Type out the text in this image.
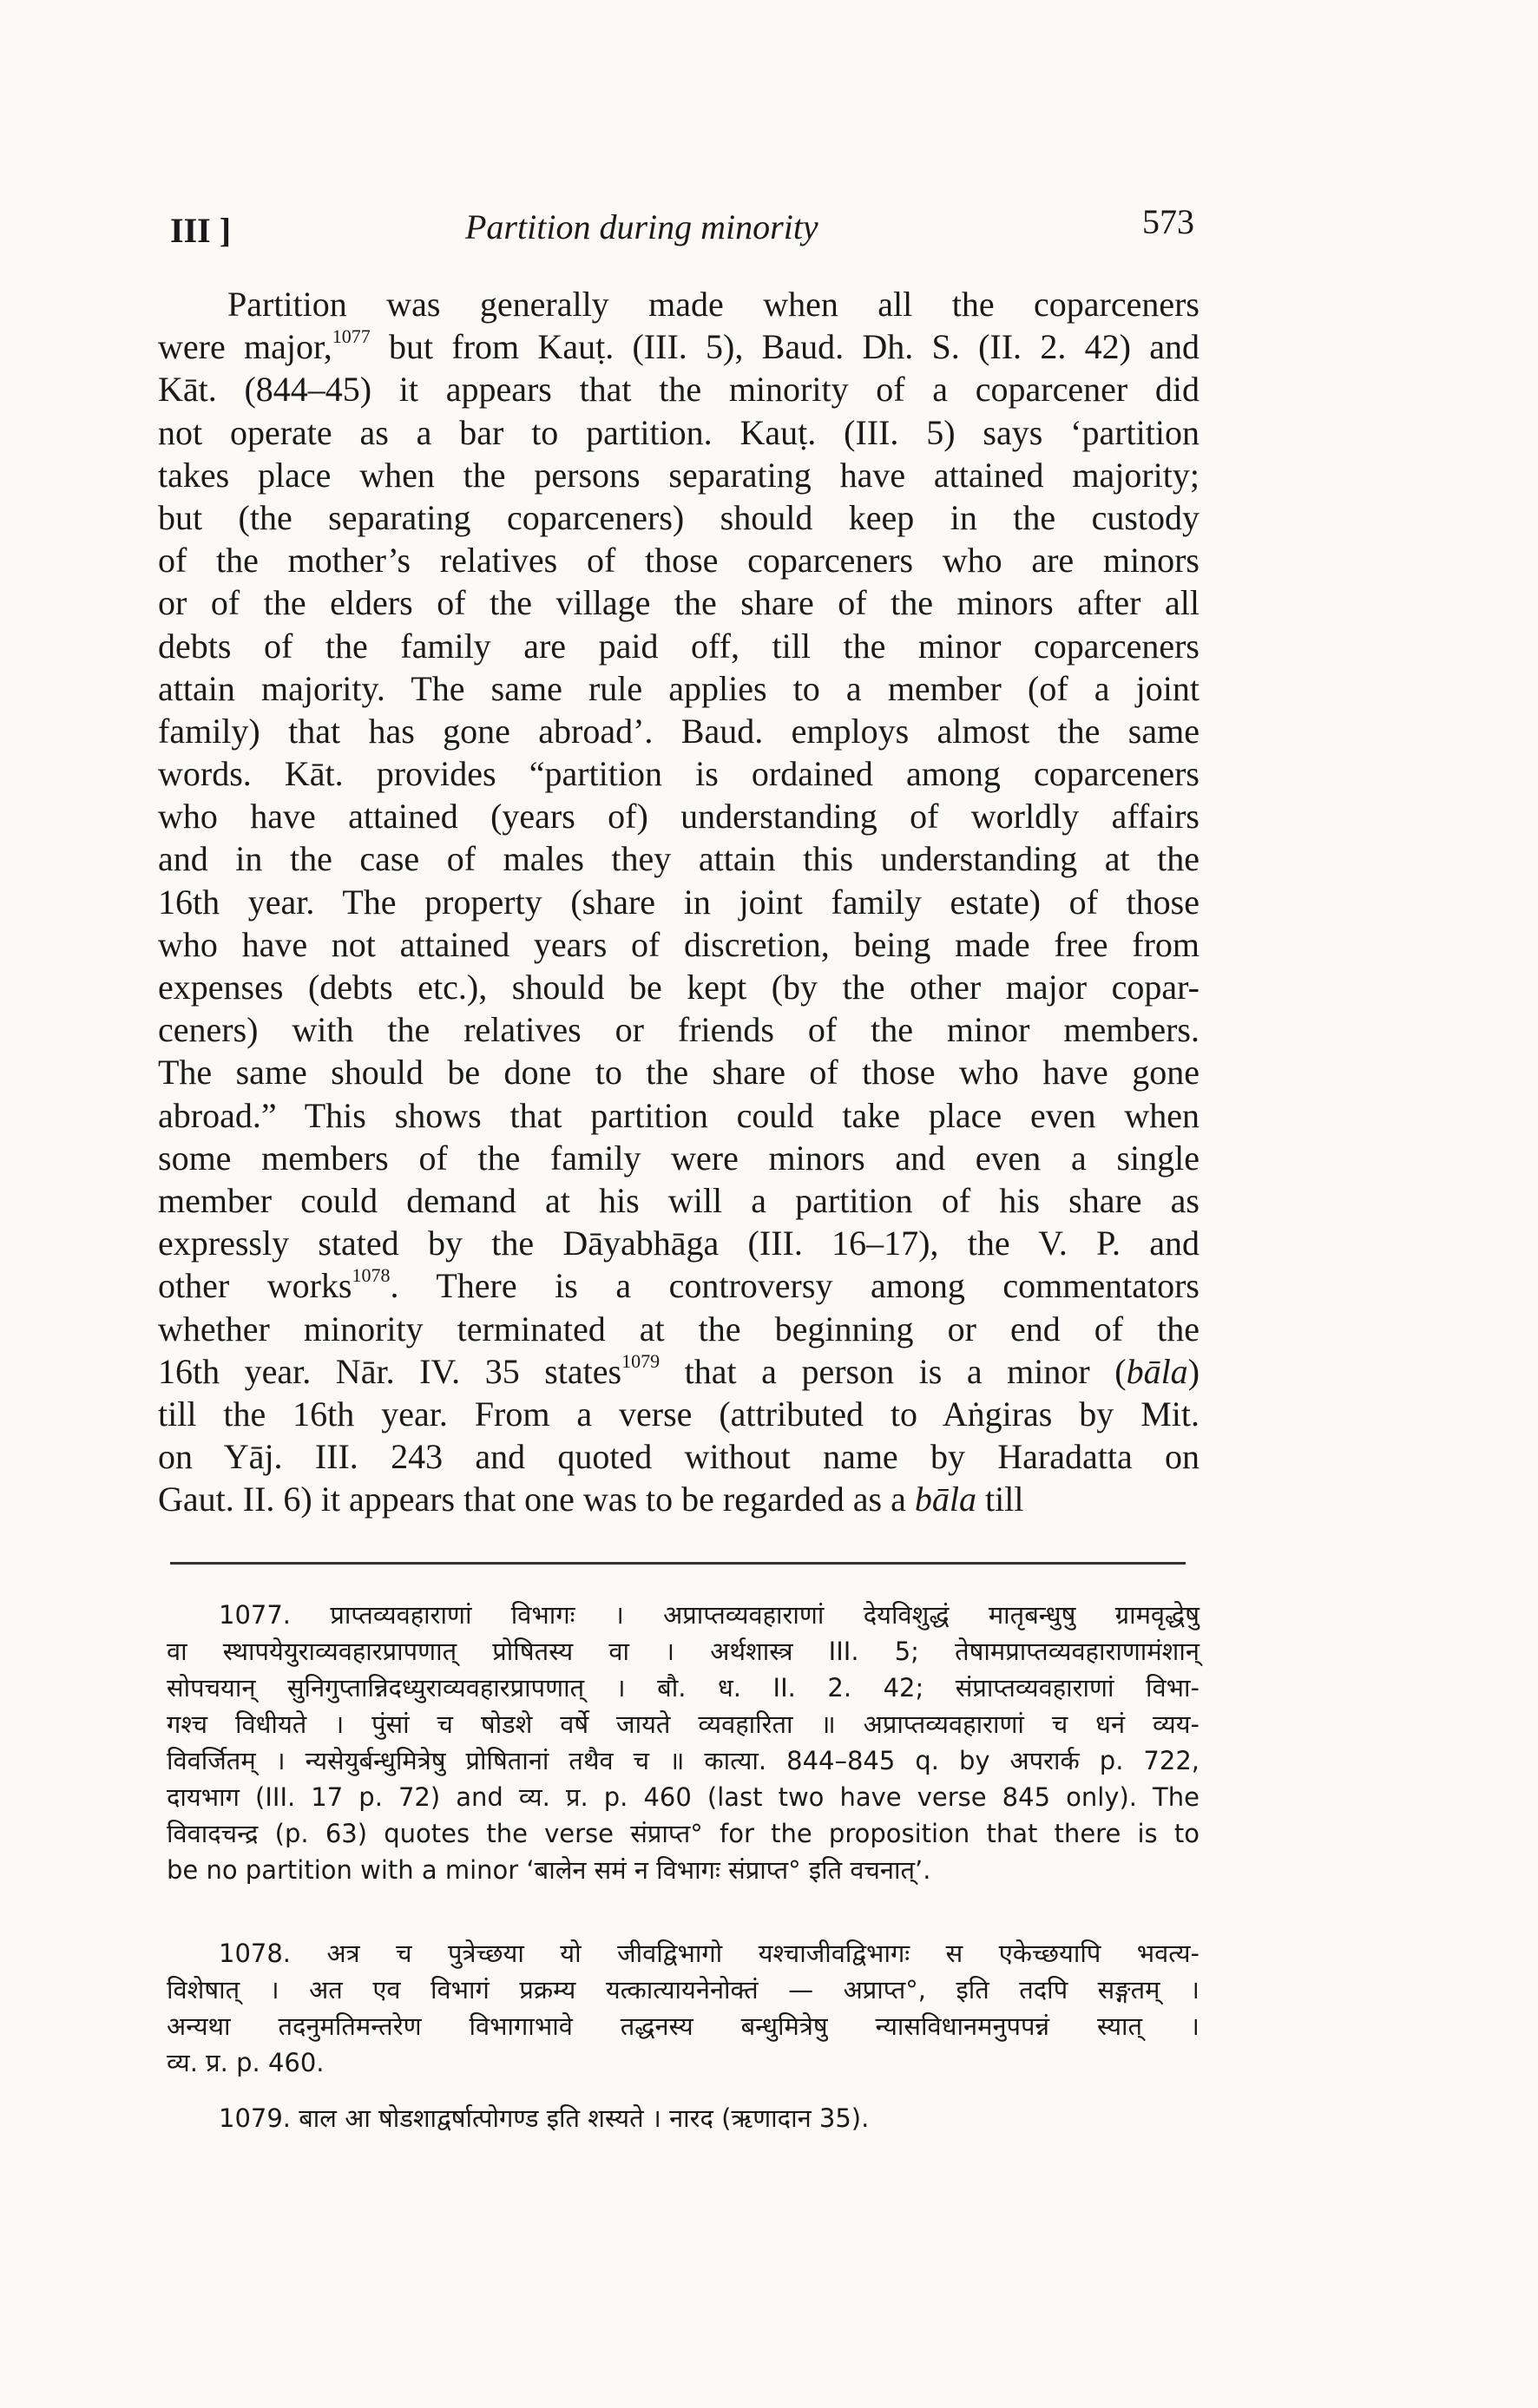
III ]	Partition during minority	573
Partition was generally made when all the coparceners
were major,$^{1077}$ but from Kauṭ. (III. 5), Baud. Dh. S. (II. 2. 42) and
Kāt. (844–45) it appears that the minority of a coparcener did
not operate as a bar to partition. Kauṭ. (III. 5) says ‘partition
takes place when the persons separating have attained majority;
but (the separating coparceners) should keep in the custody
of the mother’s relatives of those coparceners who are minors
or of the elders of the village the share of the minors after all
debts of the family are paid off, till the minor coparceners
attain majority. The same rule applies to a member (of a joint
family) that has gone abroad’. Baud. employs almost the same
words. Kāt. provides “partition is ordained among coparceners
who have attained (years of) understanding of worldly affairs
and in the case of males they attain this understanding at the
16th year. The property (share in joint family estate) of those
who have not attained years of discretion, being made free from
expenses (debts etc.), should be kept (by the other major copar-
ceners) with the relatives or friends of the minor members.
The same should be done to the share of those who have gone
abroad.” This shows that partition could take place even when
some members of the family were minors and even a single
member could demand at his will a partition of his share as
expressly stated by the Dāyabhāga (III. 16–17), the V. P. and
other works$^{1078}$. There is a controversy among commentators
whether minority terminated at the beginning or end of the
16th year. Nār. IV. 35 states$^{1079}$ that a person is a minor (bāla)
till the 16th year. From a verse (attributed to Aṅgiras by Mit.
on Yāj. III. 243 and quoted without name by Haradatta on
Gaut. II. 6) it appears that one was to be regarded as a bāla till
1077. प्राप्तव्यवहाराणां विभागः । अप्राप्तव्यवहाराणां देयविशुद्धं मातृबन्धुषु ग्रामवृद्धेषु
वा स्थापयेयुराव्यवहारप्रापणात् प्रोषितस्य वा । अर्थशास्त्र III. 5; तेषामप्राप्तव्यवहाराणामंशान्
सोपचयान् सुनिगुप्तान्निदध्युराव्यवहारप्रापणात् । बौ. ध. II. 2. 42; संप्राप्तव्यवहाराणां विभा-
गश्च विधीयते । पुंसां च षोडशे वर्षे जायते व्यवहारिता ॥ अप्राप्तव्यवहाराणां च धनं व्यय-
विवर्जितम् । न्यसेयुर्बन्धुमित्रेषु प्रोषितानां तथैव च ॥ कात्या. 844–845 q. by अपरार्क p. 722,
दायभाग (III. 17 p. 72) and व्य. प्र. p. 460 (last two have verse 845 only). The
विवादचन्द्र (p. 63) quotes the verse संप्राप्त° for the proposition that there is to
be no partition with a minor ‘बालेन समं न विभागः संप्राप्त° इति वचनात्’.
1078. अत्र च पुत्रेच्छया यो जीवद्विभागो यश्चाजीवद्विभागः स एकेच्छयापि भवत्य-
विशेषात् । अत एव विभागं प्रक्रम्य यत्कात्यायनेनोक्तं — अप्राप्त°, इति तदपि सङ्गतम् ।
अन्यथा तदनुमतिमन्तरेण विभागाभावे तद्धनस्य बन्धुमित्रेषु न्यासविधानमनुपपन्नं स्यात् ।
व्य. प्र. p. 460.
1079. बाल आ षोडशाद्वर्षात्पोगण्ड इति शस्यते । नारद (ऋणादान 35).
